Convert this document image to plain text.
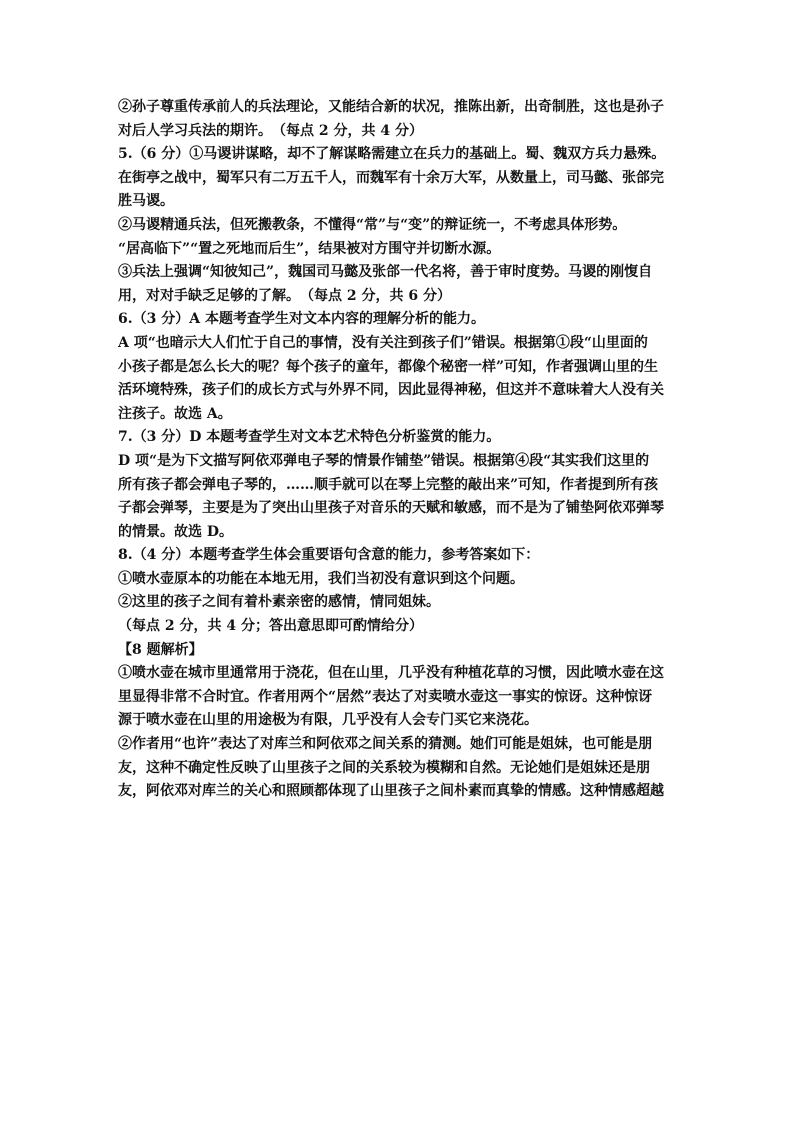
②孙子尊重传承前人的兵法理论，又能结合新的状况，推陈出新，出奇制胜，这也是孙子
对后人学习兵法的期许。　（每点 2 分，共 4 分）
5.（6 分）①马谡讲谋略，却不了解谋略需建立在兵力的基础上。蜀、魏双方兵力悬殊。
在街亭之战中，蜀军只有二万五千人，而魏军有十余万大军，从数量上，司马懿、张郃完
胜马谡。
②马谡精通兵法，但死搬教条，不懂得“常”与“变”的辩证统一，不考虑具体形势。
“居高临下”“置之死地而后生”，结果被对方围守并切断水源。
③兵法上强调“知彼知己”，魏国司马懿及张郃一代名将，善于审时度势。马谡的刚愎自
用，对对手缺乏足够的了解。　（每点 2 分，共 6 分）
6.（3 分）A 本题考查学生对文本内容的理解分析的能力。
A 项“也暗示大人们忙于自己的事情，没有关注到孩子们”错误。根据第①段“山里面的
小孩子都是怎么长大的呢？每个孩子的童年，都像个秘密一样”可知，作者强调山里的生
活环境特殊，孩子们的成长方式与外界不同，因此显得神秘，但这并不意味着大人没有关
注孩子。故选 A。
7.（3 分）D 本题考查学生对文本艺术特色分析鉴赏的能力。
D 项“是为下文描写阿依邓弹电子琴的情景作铺垫”错误。根据第④段“其实我们这里的
所有孩子都会弹电子琴的，……顺手就可以在琴上完整的敲出来”可知，作者提到所有孩
子都会弹琴，主要是为了突出山里孩子对音乐的天赋和敏感，而不是为了铺垫阿依邓弹琴
的情景。故选 D。
8.（4 分）本题考查学生体会重要语句含意的能力，参考答案如下：
①喷水壶原本的功能在本地无用，我们当初没有意识到这个问题。
②这里的孩子之间有着朴素亲密的感情，情同姐妹。
（每点 2 分，共 4 分；答出意思即可酌情给分）
【8 题解析】
①喷水壶在城市里通常用于浇花，但在山里，几乎没有种植花草的习惯，因此喷水壶在这
里显得非常不合时宜。作者用两个“居然”表达了对卖喷水壶这一事实的惊讶。这种惊讶
源于喷水壶在山里的用途极为有限，几乎没有人会专门买它来浇花。
②作者用“也许”表达了对库兰和阿依邓之间关系的猜测。她们可能是姐妹，也可能是朋
友，这种不确定性反映了山里孩子之间的关系较为模糊和自然。无论她们是姐妹还是朋
友，阿依邓对库兰的关心和照顾都体现了山里孩子之间朴素而真挚的情感。这种情感超越
